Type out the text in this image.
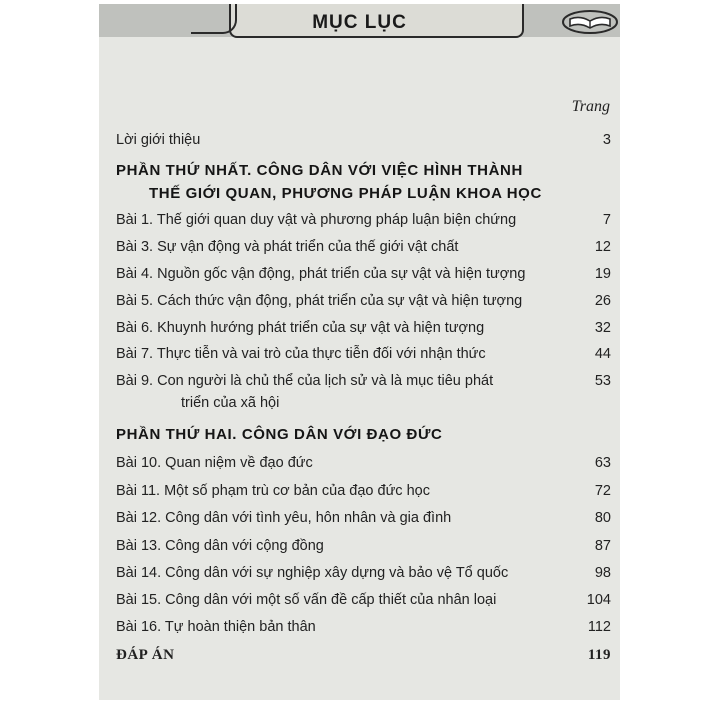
MỤC LỤC
Trang
Lời giới thiệu	3
PHẦN THỨ NHẤT. CÔNG DÂN VỚI VIỆC HÌNH THÀNH
THẾ GIỚI QUAN, PHƯƠNG PHÁP LUẬN KHOA HỌC
Bài 1. Thế giới quan duy vật và phương pháp luận biện chứng	7
Bài 3. Sự vận động và phát triển của thế giới vật chất	12
Bài 4. Nguồn gốc vận động, phát triển của sự vật và hiện tượng	19
Bài 5. Cách thức vận động, phát triển của sự vật và hiện tượng	26
Bài 6. Khuynh hướng phát triển của sự vật và hiện tượng	32
Bài 7. Thực tiễn và vai trò của thực tiễn đối với nhận thức	44
Bài 9. Con người là chủ thể của lịch sử và là mục tiêu phát	53
triển của xã hội
PHẦN THỨ HAI. CÔNG DÂN VỚI ĐẠO ĐỨC
Bài 10. Quan niệm về đạo đức	63
Bài 11. Một số phạm trù cơ bản của đạo đức học	72
Bài 12. Công dân với tình yêu, hôn nhân và gia đình	80
Bài 13. Công dân với cộng đồng	87
Bài 14. Công dân với sự nghiệp xây dựng và bảo vệ Tổ quốc	98
Bài 15. Công dân với một số vấn đề cấp thiết của nhân loại	104
Bài 16. Tự hoàn thiện bản thân	112
ĐÁP ÁN	119
